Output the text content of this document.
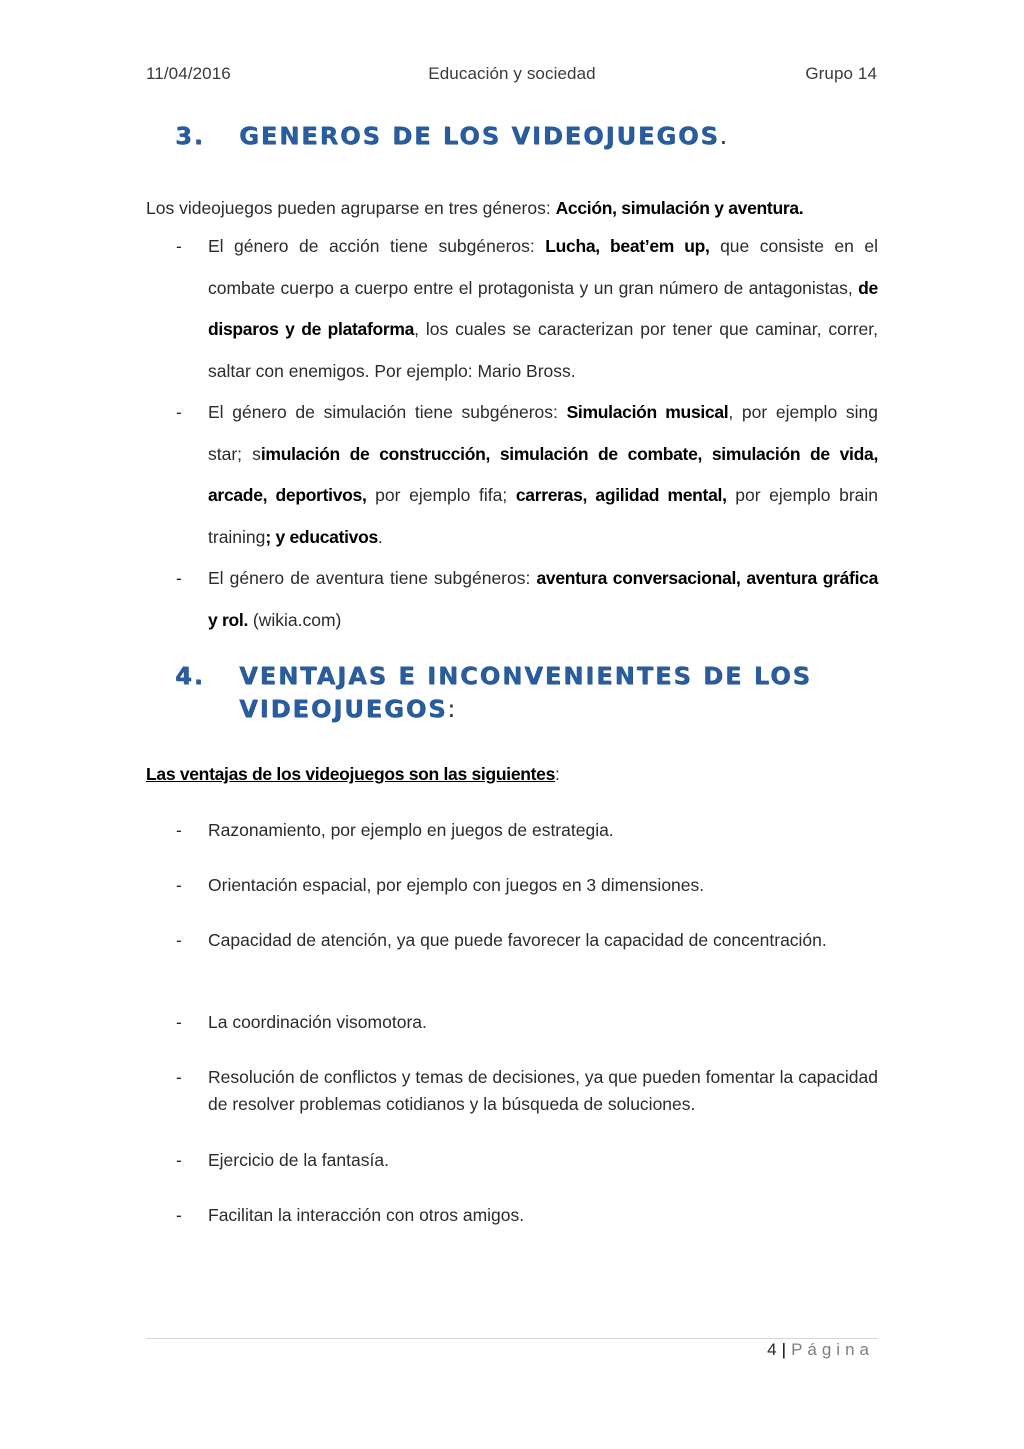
11/04/2016	Educación y sociedad	Grupo 14
3. GENEROS DE LOS VIDEOJUEGOS.
Los videojuegos pueden agruparse en tres géneros: Acción, simulación y aventura.
- El género de acción tiene subgéneros: Lucha, beat’em up, que consiste en el combate cuerpo a cuerpo entre el protagonista y un gran número de antagonistas, de disparos y de plataforma, los cuales se caracterizan por tener que caminar, correr, saltar con enemigos. Por ejemplo: Mario Bross.
- El género de simulación tiene subgéneros: Simulación musical, por ejemplo sing star; simulación de construcción, simulación de combate, simulación de vida, arcade, deportivos, por ejemplo fifa; carreras, agilidad mental, por ejemplo brain training; y educativos.
- El género de aventura tiene subgéneros: aventura conversacional, aventura gráfica y rol. (wikia.com)
4. VENTAJAS E INCONVENIENTES DE LOS VIDEOJUEGOS:
Las ventajas de los videojuegos son las siguientes:
-	Razonamiento, por ejemplo en juegos de estrategia.
-	Orientación espacial, por ejemplo con juegos en 3 dimensiones.
-	Capacidad de atención, ya que puede favorecer la capacidad de concentración.
-	La coordinación visomotora.
-	Resolución de conflictos y temas de decisiones, ya que pueden fomentar la capacidad de resolver problemas cotidianos y la búsqueda de soluciones.
-	Ejercicio de la fantasía.
-	Facilitan la interacción con otros amigos.
4 | Página
